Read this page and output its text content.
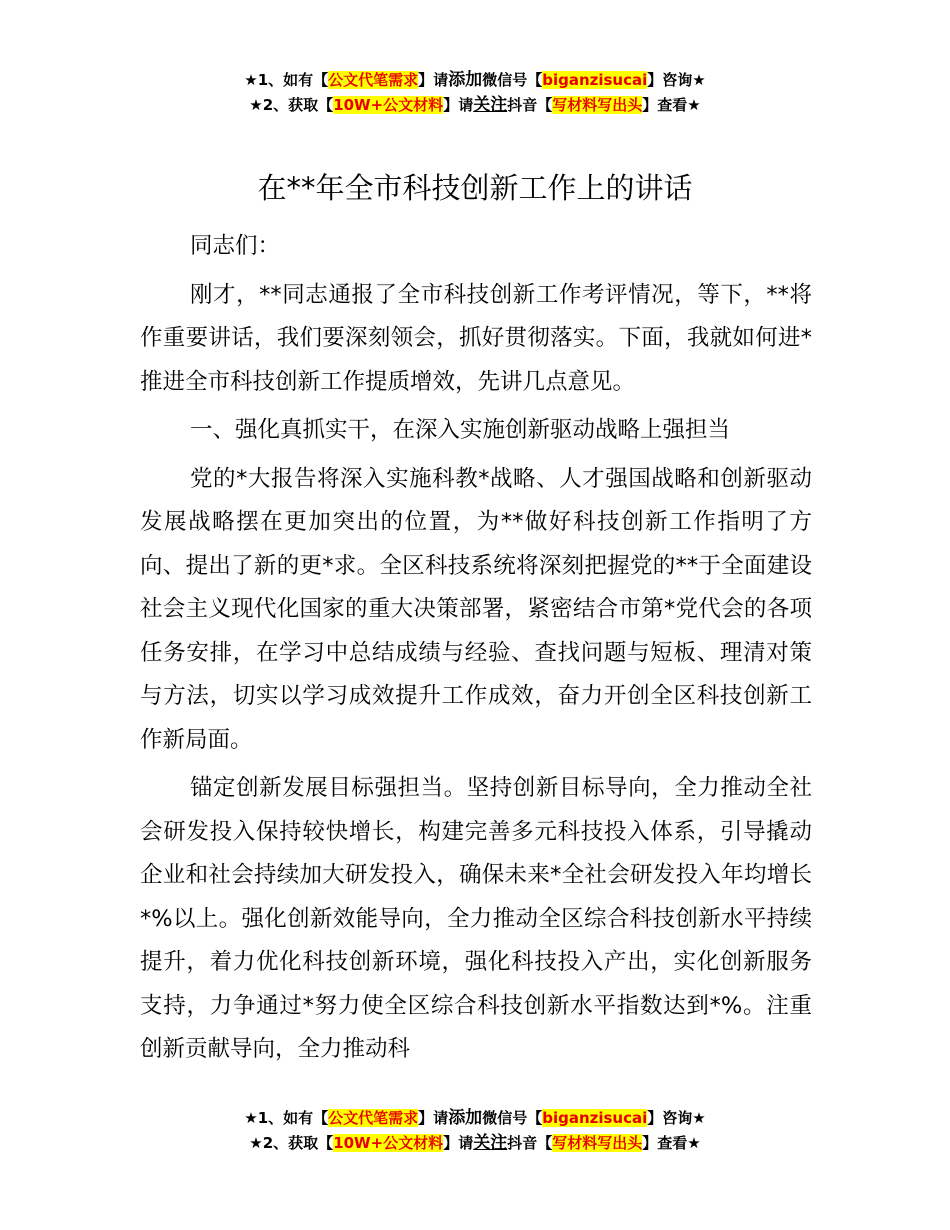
★1、如有【公文代笔需求】请添加微信号【biganzisucai】咨询★
★2、获取【10W+公文材料】请关注抖音【写材料写出头】查看★
在**年全市科技创新工作上的讲话

同志们：

刚才，**同志通报了全市科技创新工作考评情况，等下，**将作重要讲话，我们要深刻领会，抓好贯彻落实。下面，我就如何进*推进全市科技创新工作提质增效，先讲几点意见。

一、强化真抓实干，在深入实施创新驱动战略上强担当

党的*大报告将深入实施科教*战略、人才强国战略和创新驱动发展战略摆在更加突出的位置，为**做好科技创新工作指明了方向、提出了新的更*求。全区科技系统将深刻把握党的**于全面建设社会主义现代化国家的重大决策部署，紧密结合市第*党代会的各项任务安排，在学习中总结成绩与经验、查找问题与短板、理清对策与方法，切实以学习成效提升工作成效，奋力开创全区科技创新工作新局面。

锚定创新发展目标强担当。坚持创新目标导向，全力推动全社会研发投入保持较快增长，构建完善多元科技投入体系，引导撬动企业和社会持续加大研发投入，确保未来*全社会研发投入年均增长*%以上。强化创新效能导向，全力推动全区综合科技创新水平持续提升，着力优化科技创新环境，强化科技投入产出，实化创新服务支持，力争通过*努力使全区综合科技创新水平指数达到*%。注重创新贡献导向，全力推动科

★1、如有【公文代笔需求】请添加微信号【biganzisucai】咨询★
★2、获取【10W+公文材料】请关注抖音【写材料写出头】查看★
